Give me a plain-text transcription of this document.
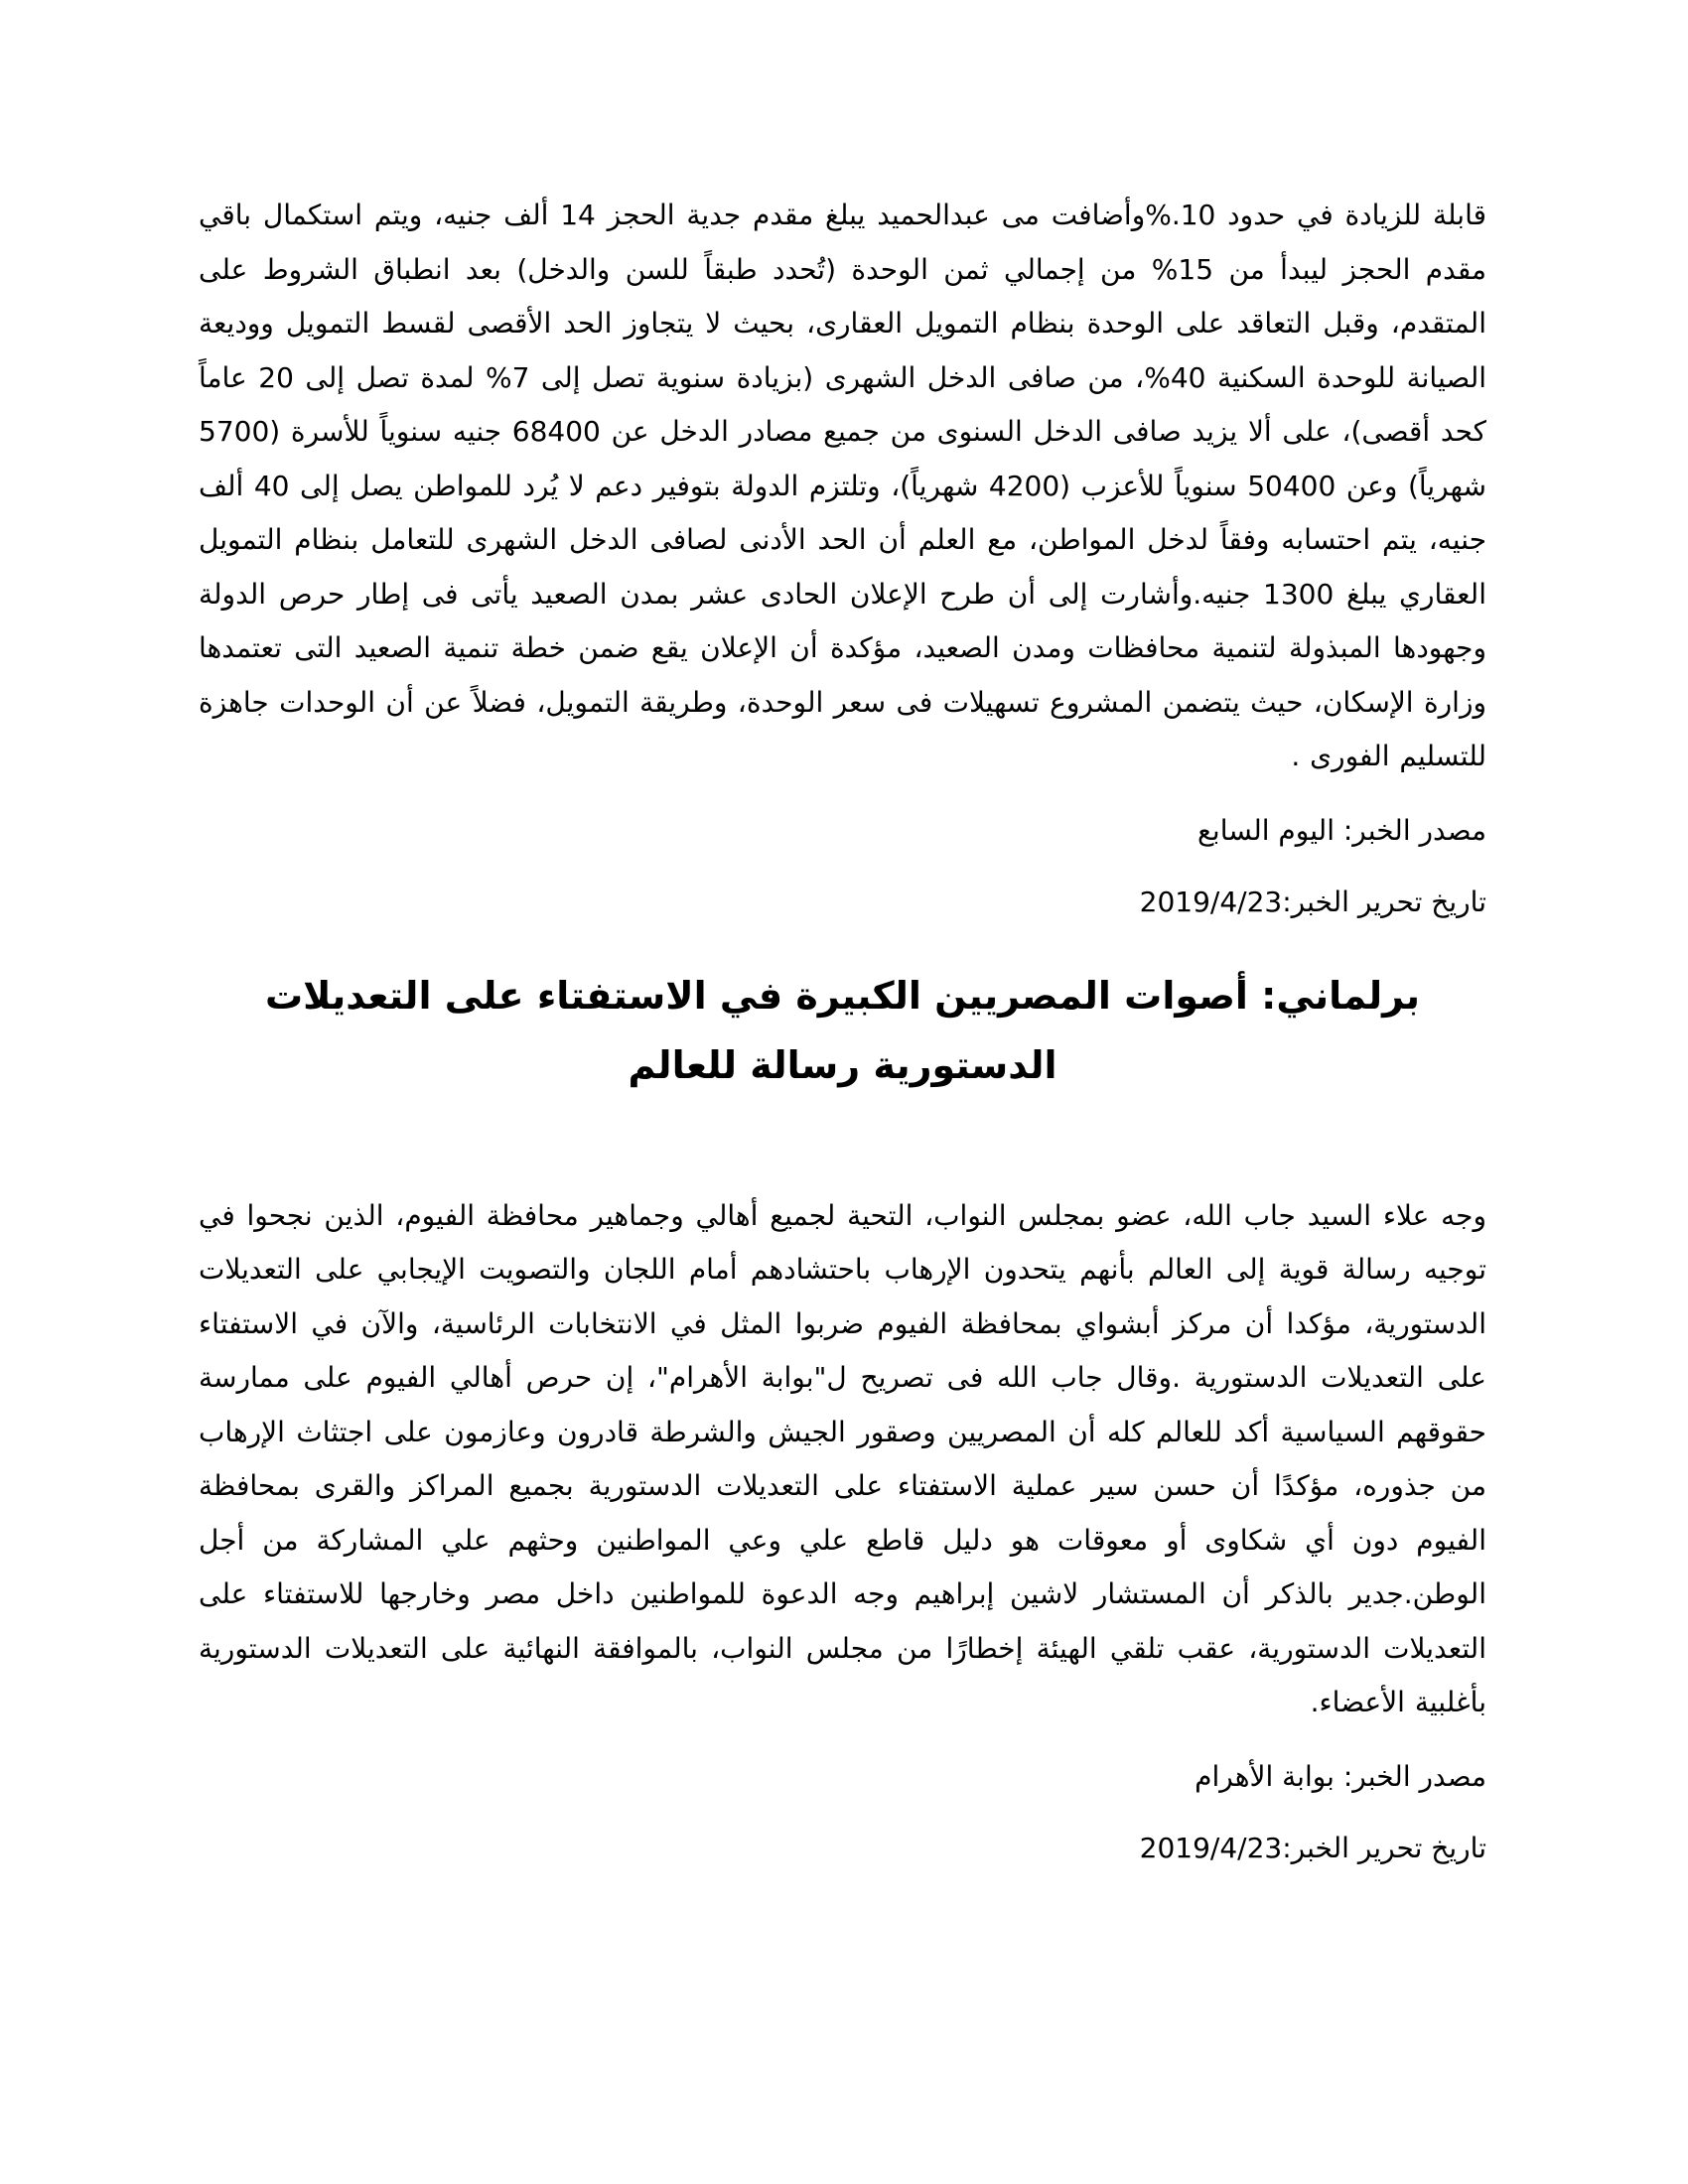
قابلة للزيادة في حدود 10.%وأضافت مى عبدالحميد يبلغ مقدم جدية الحجز 14 ألف جنيه، ويتم استكمال باقي مقدم الحجز ليبدأ من 15% من إجمالي ثمن الوحدة (تُحدد طبقاً للسن والدخل) بعد انطباق الشروط على المتقدم، وقبل التعاقد على الوحدة بنظام التمويل العقارى، بحيث لا يتجاوز الحد الأقصى لقسط التمويل ووديعة الصيانة للوحدة السكنية 40%، من صافى الدخل الشهرى (بزيادة سنوية تصل إلى 7% لمدة تصل إلى 20 عاماً كحد أقصى)، على ألا يزيد صافى الدخل السنوى من جميع مصادر الدخل عن 68400 جنيه سنوياً للأسرة (5700 شهرياً) وعن 50400 سنوياً للأعزب (4200 شهرياً)، وتلتزم الدولة بتوفير دعم لا يُرد للمواطن يصل إلى 40 ألف جنيه، يتم احتسابه وفقاً لدخل المواطن، مع العلم أن الحد الأدنى لصافى الدخل الشهرى للتعامل بنظام التمويل العقاري يبلغ 1300 جنيه.وأشارت إلى أن طرح الإعلان الحادى عشر بمدن الصعيد يأتى فى إطار حرص الدولة وجهودها المبذولة لتنمية محافظات ومدن الصعيد، مؤكدة أن الإعلان يقع ضمن خطة تنمية الصعيد التى تعتمدها وزارة الإسكان، حيث يتضمن المشروع تسهيلات فى سعر الوحدة، وطريقة التمويل، فضلاً عن أن الوحدات جاهزة للتسليم الفورى .

مصدر الخبر: اليوم السابع

تاريخ تحرير الخبر:2019/4/23

برلماني: أصوات المصريين الكبيرة في الاستفتاء على التعديلات الدستورية رسالة للعالم

وجه علاء السيد جاب الله، عضو بمجلس النواب، التحية لجميع أهالي وجماهير محافظة الفيوم، الذين نجحوا في توجيه رسالة قوية إلى العالم بأنهم يتحدون الإرهاب باحتشادهم أمام اللجان والتصويت الإيجابي على التعديلات الدستورية، مؤكدا أن مركز أبشواي بمحافظة الفيوم ضربوا المثل في الانتخابات الرئاسية، والآن في الاستفتاء على التعديلات الدستورية .وقال جاب الله فى تصريح ل"بوابة الأهرام"، إن حرص أهالي الفيوم على ممارسة حقوقهم السياسية أكد للعالم كله أن المصريين وصقور الجيش والشرطة قادرون وعازمون على اجتثاث الإرهاب من جذوره، مؤكدًا أن حسن سير عملية الاستفتاء على التعديلات الدستورية بجميع المراكز والقرى بمحافظة الفيوم دون أي شكاوى أو معوقات هو دليل قاطع علي وعي المواطنين وحثهم علي المشاركة من أجل الوطن.جدير بالذكر أن المستشار لاشين إبراهيم وجه الدعوة للمواطنين داخل مصر وخارجها للاستفتاء على التعديلات الدستورية، عقب تلقي الهيئة إخطارًا من مجلس النواب، بالموافقة النهائية على التعديلات الدستورية بأغلبية الأعضاء.

مصدر الخبر: بوابة الأهرام

تاريخ تحرير الخبر:2019/4/23
